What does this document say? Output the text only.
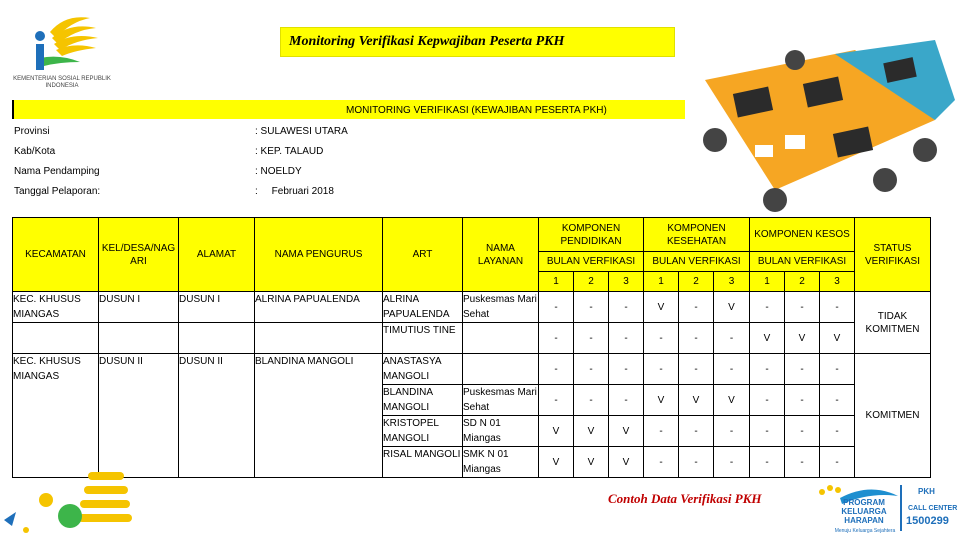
KEMENTERIAN SOSIAL REPUBLIK INDONESIA
Monitoring Verifikasi Kepwajiban Peserta PKH
MONITORING VERIFIKASI (KEWAJIBAN PESERTA PKH)
Provinsi	: SULAWESI UTARA
Kab/Kota	: KEP. TALAUD
Nama Pendamping	: NOELDY
Tanggal Pelaporan:	:     Februari 2018
KECAMATAN	KEL/DESA/NAG ARI	ALAMAT	NAMA PENGURUS	ART	NAMA LAYANAN	KOMPONEN PENDIDIKAN			KOMPONEN KESEHATAN			KOMPONEN KESOS			STATUS VERIFIKASI
						BULAN VERFIKASI			BULAN VERFIKASI			BULAN VERFIKASI			
						1	2	3	1	2	3	1	2	3	
KEC. KHUSUS MIANGAS	DUSUN I	DUSUN I	ALRINA PAPUALENDA	ALRINA PAPUALENDA	Puskesmas Mari Sehat	-	-	-	V	-	V	-	-	-	TIDAK KOMITMEN
				TIMUTIUS TINE		-	-	-	-	-	-	V	V	V	
KEC. KHUSUS MIANGAS	DUSUN II	DUSUN II	BLANDINA MANGOLI	ANASTASYA MANGOLI		-	-	-	-	-	-	-	-	-	KOMITMEN
				BLANDINA MANGOLI	Puskesmas Mari Sehat	-	-	-	V	V	V	-	-	-	
				KRISTOPEL MANGOLI	SD N 01 Miangas	V	V	V	-	-	-	-	-	-	
				RISAL MANGOLI	SMK N 01 Miangas	V	V	V	-	-	-	-	-	-	
Contoh Data Verifikasi PKH	PROGRAM KELUARGA HARAPAN
Menuju Keluarga Sejahtera
PKH
CALL CENTER
1500299
